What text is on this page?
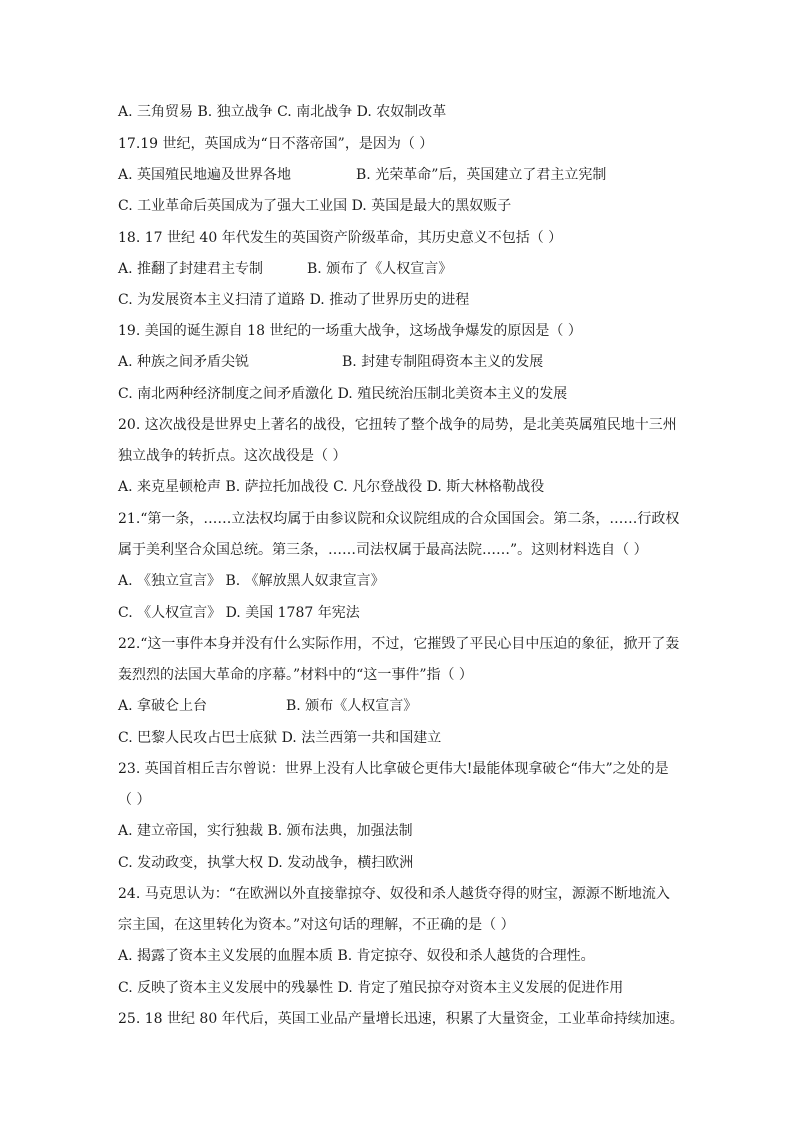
A. 三角贸易 B. 独立战争 C. 南北战争 D. 农奴制改革
17.19 世纪，英国成为“日不落帝国”，是因为（ ）
A. 英国殖民地遍及世界各地	B. 光荣革命”后，英国建立了君主立宪制
C. 工业革命后英国成为了强大工业国 D. 英国是最大的黑奴贩子
18. 17 世纪 40 年代发生的英国资产阶级革命，其历史意义不包括（ ）
A. 推翻了封建君主专制	B. 颁布了《人权宣言》
C. 为发展资本主义扫清了道路 D. 推动了世界历史的进程
19. 美国的诞生源自 18 世纪的一场重大战争，这场战争爆发的原因是（ ）
A. 种族之间矛盾尖锐	B. 封建专制阻碍资本主义的发展
C. 南北两种经济制度之间矛盾激化 D. 殖民统治压制北美资本主义的发展
20. 这次战役是世界史上著名的战役，它扭转了整个战争的局势，是北美英属殖民地十三州
独立战争的转折点。这次战役是（ ）
A. 来克星顿枪声 B. 萨拉托加战役 C. 凡尔登战役 D. 斯大林格勒战役
21.“第一条，……立法权均属于由参议院和众议院组成的合众国国会。第二条，……行政权
属于美利坚合众国总统。第三条，……司法权属于最高法院……”。这则材料选自（ ）
A. 《独立宣言》 B. 《解放黑人奴隶宣言》
C. 《人权宣言》 D. 美国 1787 年宪法
22.“这一事件本身并没有什么实际作用，不过，它摧毁了平民心目中压迫的象征，掀开了轰
轰烈烈的法国大革命的序幕。”材料中的“这一事件”指（ ）
A. 拿破仑上台	B. 颁布《人权宣言》
C. 巴黎人民攻占巴士底狱 D. 法兰西第一共和国建立
23. 英国首相丘吉尔曾说：世界上没有人比拿破仑更伟大!最能体现拿破仑“伟大”之处的是
（ ）
A. 建立帝国，实行独裁 B. 颁布法典，加强法制
C. 发动政变，执掌大权 D. 发动战争，横扫欧洲
24. 马克思认为：“在欧洲以外直接靠掠夺、奴役和杀人越货夺得的财宝，源源不断地流入
宗主国，在这里转化为资本。”对这句话的理解，不正确的是（ ）
A. 揭露了资本主义发展的血腥本质 B. 肯定掠夺、奴役和杀人越货的合理性。
C. 反映了资本主义发展中的残暴性 D. 肯定了殖民掠夺对资本主义发展的促进作用
25. 18 世纪 80 年代后，英国工业品产量增长迅速，积累了大量资金，工业革命持续加速。
